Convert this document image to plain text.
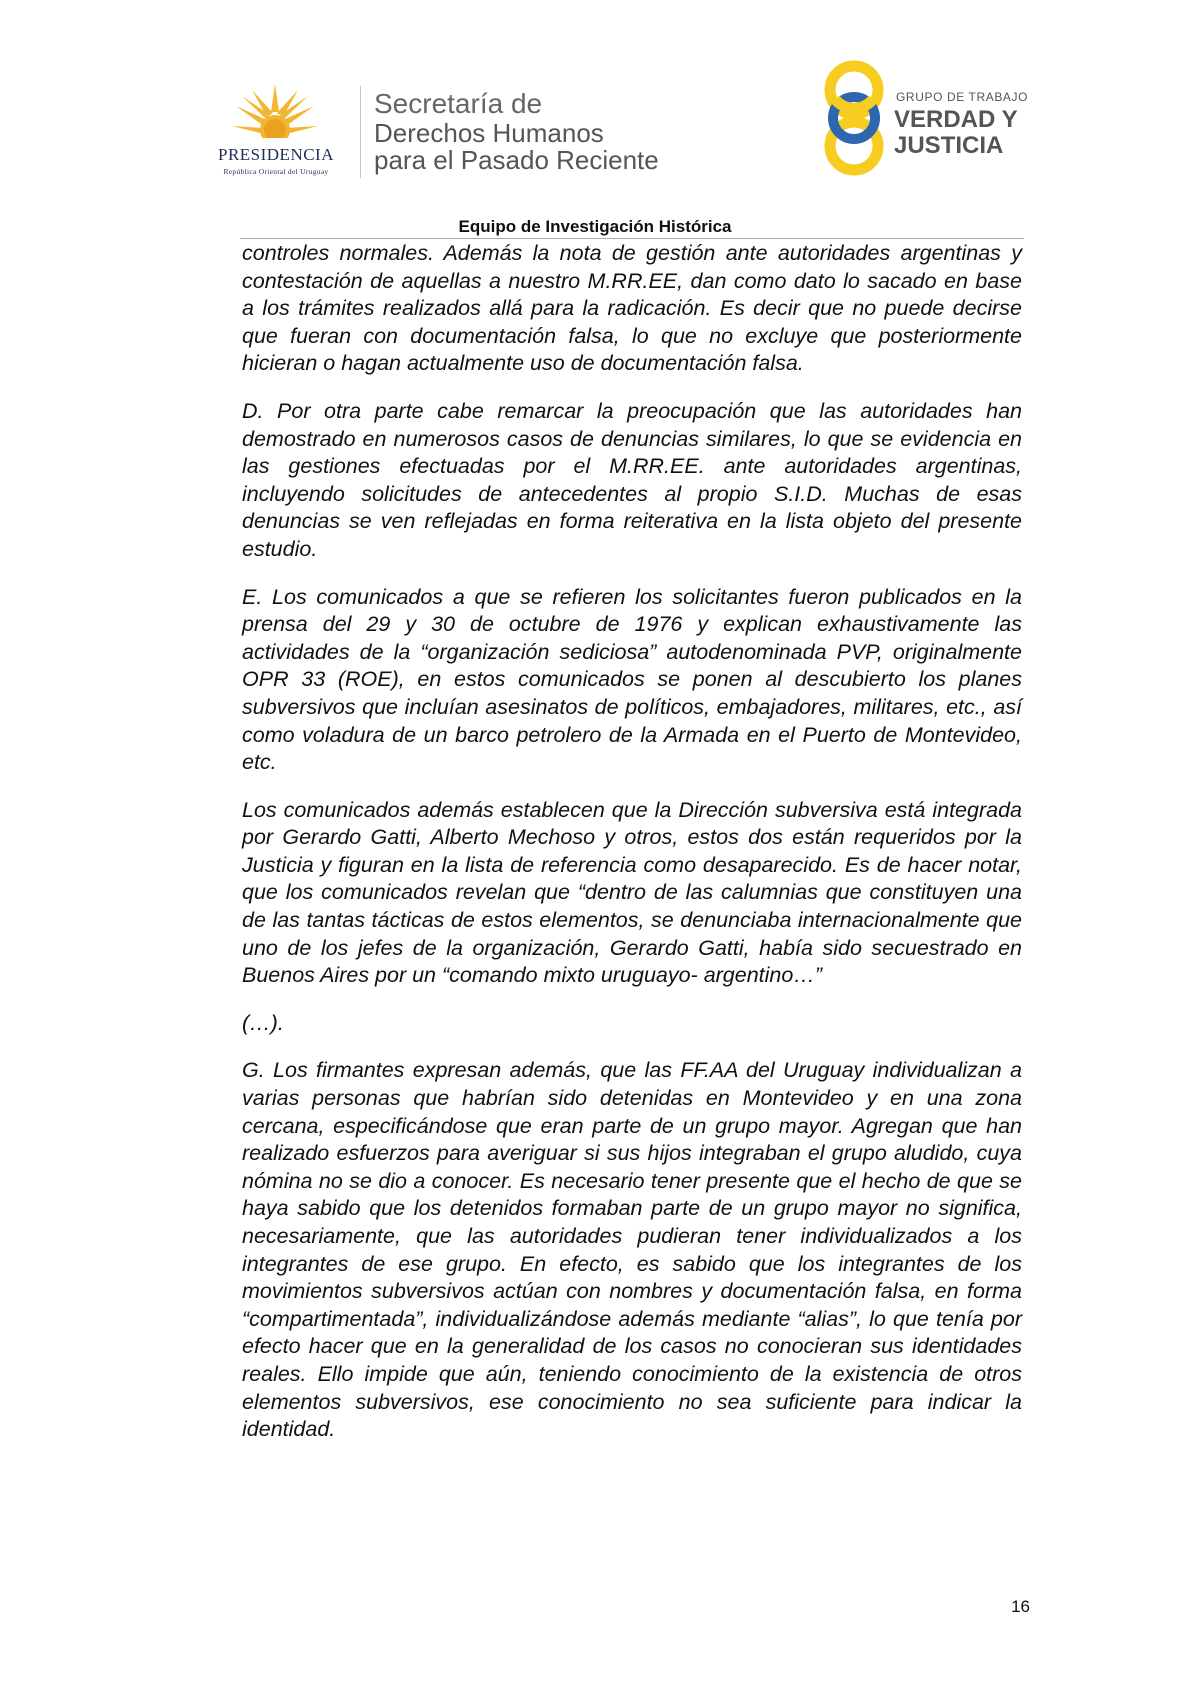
PRESIDENCIA
República Oriental del Uruguay
Secretaría de
Derechos Humanos
para el Pasado Reciente
GRUPO DE TRABAJO
VERDAD Y
JUSTICIA
Equipo de Investigación Histórica

controles normales. Además la nota de gestión ante autoridades argentinas y contestación de aquellas a nuestro M.RR.EE, dan como dato lo sacado en base a los trámites realizados allá para la radicación. Es decir que no puede decirse que fueran con documentación falsa, lo que no excluye que posteriormente hicieran o hagan actualmente uso de documentación falsa.

D. Por otra parte cabe remarcar la preocupación que las autoridades han demostrado en numerosos casos de denuncias similares, lo que se evidencia en las gestiones efectuadas por el M.RR.EE. ante autoridades argentinas, incluyendo solicitudes de antecedentes al propio S.I.D. Muchas de esas denuncias se ven reflejadas en forma reiterativa en la lista objeto del presente estudio.

E. Los comunicados a que se refieren los solicitantes fueron publicados en la prensa del 29 y 30 de octubre de 1976 y explican exhaustivamente las actividades de la “organización sediciosa” autodenominada PVP, originalmente OPR 33 (ROE), en estos comunicados se ponen al descubierto los planes subversivos que incluían asesinatos de políticos, embajadores, militares, etc., así como voladura de un barco petrolero de la Armada en el Puerto de Montevideo, etc.

Los comunicados además establecen que la Dirección subversiva está integrada por Gerardo Gatti, Alberto Mechoso y otros, estos dos están requeridos por la Justicia y figuran en la lista de referencia como desaparecido. Es de hacer notar, que los comunicados revelan que “dentro de las calumnias que constituyen una de las tantas tácticas de estos elementos, se denunciaba internacionalmente que uno de los jefes de la organización, Gerardo Gatti, había sido secuestrado en Buenos Aires por un “comando mixto uruguayo- argentino…”

(…).

G. Los firmantes expresan además, que las FF.AA del Uruguay individualizan a varias personas que habrían sido detenidas en Montevideo y en una zona cercana, especificándose que eran parte de un grupo mayor. Agregan que han realizado esfuerzos para averiguar si sus hijos integraban el grupo aludido, cuya nómina no se dio a conocer. Es necesario tener presente que el hecho de que se haya sabido que los detenidos formaban parte de un grupo mayor no significa, necesariamente, que las autoridades pudieran tener individualizados a los integrantes de ese grupo. En efecto, es sabido que los integrantes de los movimientos subversivos actúan con nombres y documentación falsa, en forma “compartimentada”, individualizándose además mediante “alias”, lo que tenía por efecto hacer que en la generalidad de los casos no conocieran sus identidades reales. Ello impide que aún, teniendo conocimiento de la existencia de otros elementos subversivos, ese conocimiento no sea suficiente para indicar la identidad.

16
